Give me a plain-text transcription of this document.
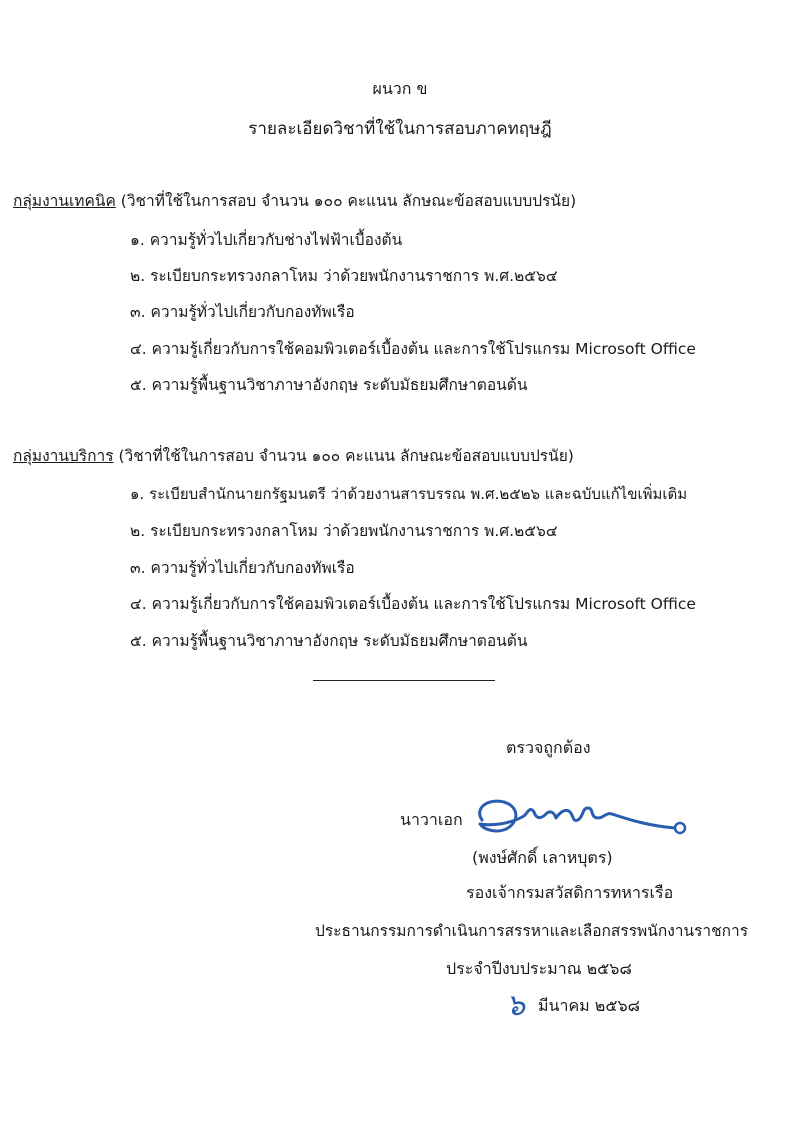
ผนวก ข
รายละเอียดวิชาที่ใช้ในการสอบภาคทฤษฎี
กลุ่มงานเทคนิค (วิชาที่ใช้ในการสอบ จำนวน ๑๐๐ คะแนน ลักษณะข้อสอบแบบปรนัย)
๑. ความรู้ทั่วไปเกี่ยวกับช่างไฟฟ้าเบื้องต้น
๒. ระเบียบกระทรวงกลาโหม ว่าด้วยพนักงานราชการ พ.ศ.๒๕๖๔
๓. ความรู้ทั่วไปเกี่ยวกับกองทัพเรือ
๔. ความรู้เกี่ยวกับการใช้คอมพิวเตอร์เบื้องต้น และการใช้โปรแกรม Microsoft Office
๕. ความรู้พื้นฐานวิชาภาษาอังกฤษ ระดับมัธยมศึกษาตอนต้น
กลุ่มงานบริการ (วิชาที่ใช้ในการสอบ จำนวน ๑๐๐ คะแนน ลักษณะข้อสอบแบบปรนัย)
๑. ระเบียบสำนักนายกรัฐมนตรี ว่าด้วยงานสารบรรณ พ.ศ.๒๕๒๖ และฉบับแก้ไขเพิ่มเติม
๒. ระเบียบกระทรวงกลาโหม ว่าด้วยพนักงานราชการ พ.ศ.๒๕๖๔
๓. ความรู้ทั่วไปเกี่ยวกับกองทัพเรือ
๔. ความรู้เกี่ยวกับการใช้คอมพิวเตอร์เบื้องต้น และการใช้โปรแกรม Microsoft Office
๕. ความรู้พื้นฐานวิชาภาษาอังกฤษ ระดับมัธยมศึกษาตอนต้น
ตรวจถูกต้อง
นาวาเอก
(พงษ์ศักดิ์ เลาหบุตร)
รองเจ้ากรมสวัสดิการทหารเรือ
ประธานกรรมการดำเนินการสรรหาและเลือกสรรพนักงานราชการ
ประจำปีงบประมาณ ๒๕๖๘
๖ มีนาคม ๒๕๖๘
